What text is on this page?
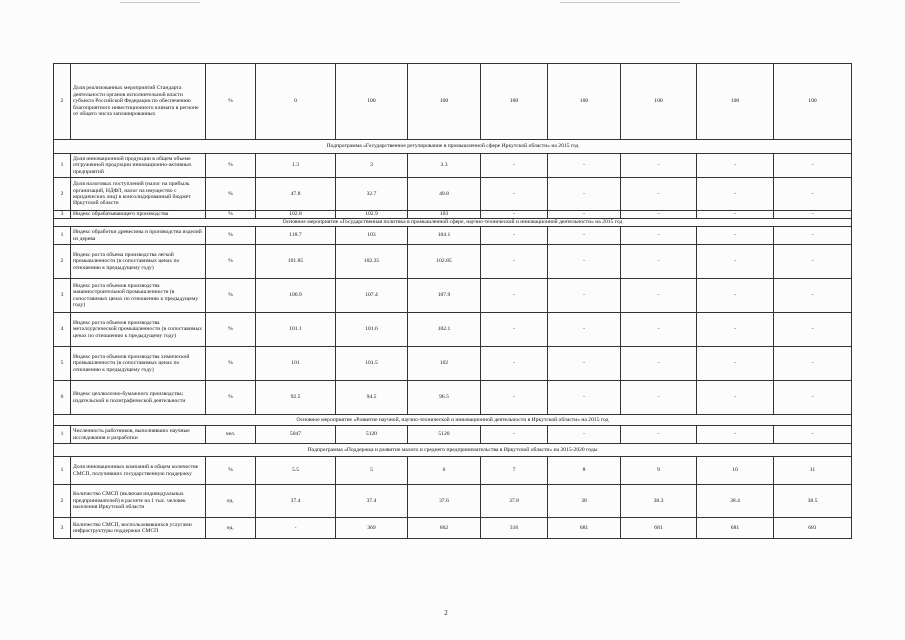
2	Доля реализованных мероприятий Стандарта деятельности органов исполнительной власти субъекта Российской Федерации по обеспечению благоприятного инвестиционного климата в регионе от общего числа запланированных	%	0	100	100	100	100	100	100	100
Подпрограмма «Государственное регулирование в промышленной сфере Иркутской области» на 2015 год										
1	Доля инновационной продукции в общем объеме отгруженной продукции инновационно-активных предприятий	%	1.3	3	3.3	-	-	-	-	-
2	Доля налоговых поступлений (налог на прибыль организаций, НДФЛ, налог на имущество с юридических лиц) в консолидированный бюджет Иркутской области	%	47.8	32.7	40.8	-	-	-	-	-
3	Индекс обрабатывающего производства	%	102.8	102.9	103	-	-	-	-	-
Основное мероприятие «Государственная политика в промышленной сфере, научно-технической и инновационной деятельности» на 2015 год										
1	Индекс обработки древесины и производства изделий из дерева	%	118.7	103	104.1	-	-	-	-	-
2	Индекс роста объема производства легкой промышленности (в сопоставимых ценах по отношению к предыдущему году)	%	101.85	102.35	102.85	-	-	-	-	-
3	Индекс роста объемов производства машиностроительной промышленности (в сопоставимых ценах по отношению к предыдущему году)	%	106.9	107.4	107.9	-	-	-	-	-
4	Индекс роста объемов производства металлургической промышленности (в сопоставимых ценах по отношению к предыдущему году)	%	101.1	101.6	102.1	-	-	-	-	-
5	Индекс роста объемов производства химической промышленности (в сопоставимых ценах по отношению к предыдущему году)	%	101	101.5	102	-	-	-	-	-
6	Индекс целлюлозно-бумажного производства; издательской и полиграфической деятельности	%	92.5	94.5	96.5	-	-	-	-	-
Основное мероприятие «Развитие научной, научно-технической и инновационной деятельности в Иркутской области» на 2015 год										
1	Численность работников, выполнявших научные исследования и разработки	чел.	5047	5120	5120	-	-	-	-	-
Подпрограмма «Поддержка и развитие малого и среднего предпринимательства в Иркутской области» на 2015-2020 годы										
1	Доля инновационных компаний в общем количестве СМСП, получивших государственную поддержку	%	5.5	5	6	7	8	9	10	11
2	Количество СМСП (включая индивидуальных предпринимателей) в расчете на 1 тыс. человек населения Иркутской области	ед.	37.4	37.4	37.6	37.8	38	38.3	38.4	38.5
3	Количество СМСП, воспользовавшихся услугами инфраструктуры поддержки СМСП	ед.	-	369	662	316	681	681	681	681
2
